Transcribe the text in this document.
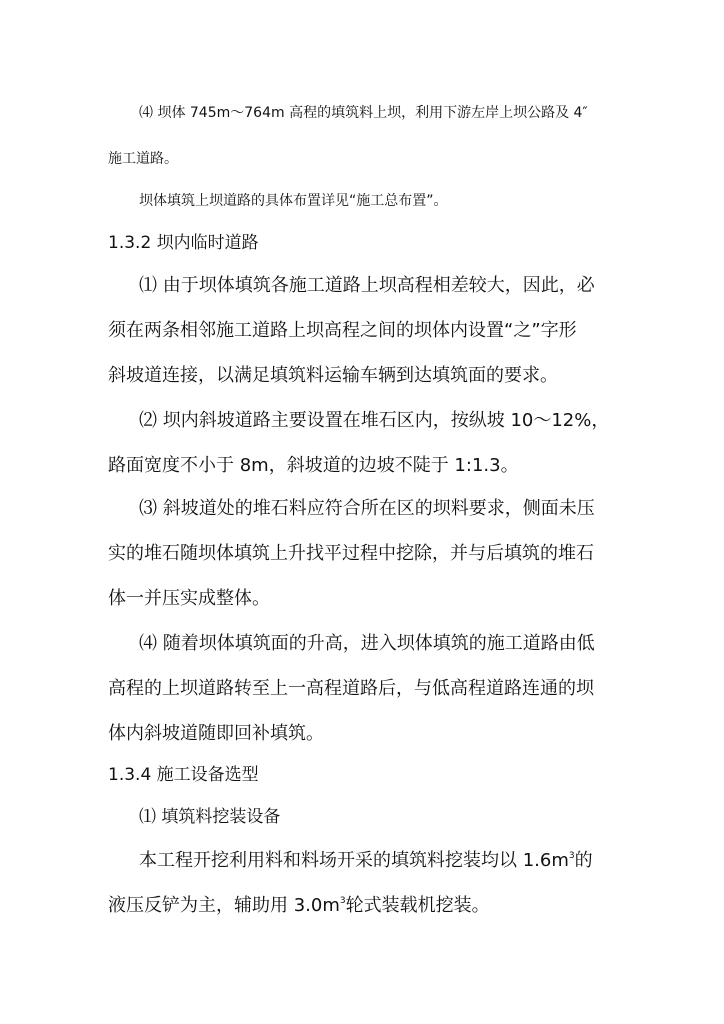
⑷ 坝体 745m～764m 高程的填筑料上坝，利用下游左岸上坝公路及 4″
施工道路。
坝体填筑上坝道路的具体布置详见“施工总布置”。
1.3.2 坝内临时道路
⑴ 由于坝体填筑各施工道路上坝高程相差较大，因此，必
须在两条相邻施工道路上坝高程之间的坝体内设置“之”字形
斜坡道连接，以满足填筑料运输车辆到达填筑面的要求。
⑵ 坝内斜坡道路主要设置在堆石区内，按纵坡 10～12%，
路面宽度不小于 8m，斜坡道的边坡不陡于 1:1.3。
⑶ 斜坡道处的堆石料应符合所在区的坝料要求，侧面未压
实的堆石随坝体填筑上升找平过程中挖除，并与后填筑的堆石
体一并压实成整体。
⑷ 随着坝体填筑面的升高，进入坝体填筑的施工道路由低
高程的上坝道路转至上一高程道路后，与低高程道路连通的坝
体内斜坡道随即回补填筑。
1.3.4 施工设备选型
⑴ 填筑料挖装设备
本工程开挖利用料和料场开采的填筑料挖装均以 $1.6m^3$的
液压反铲为主，辅助用 $3.0m^3$轮式装载机挖装。
